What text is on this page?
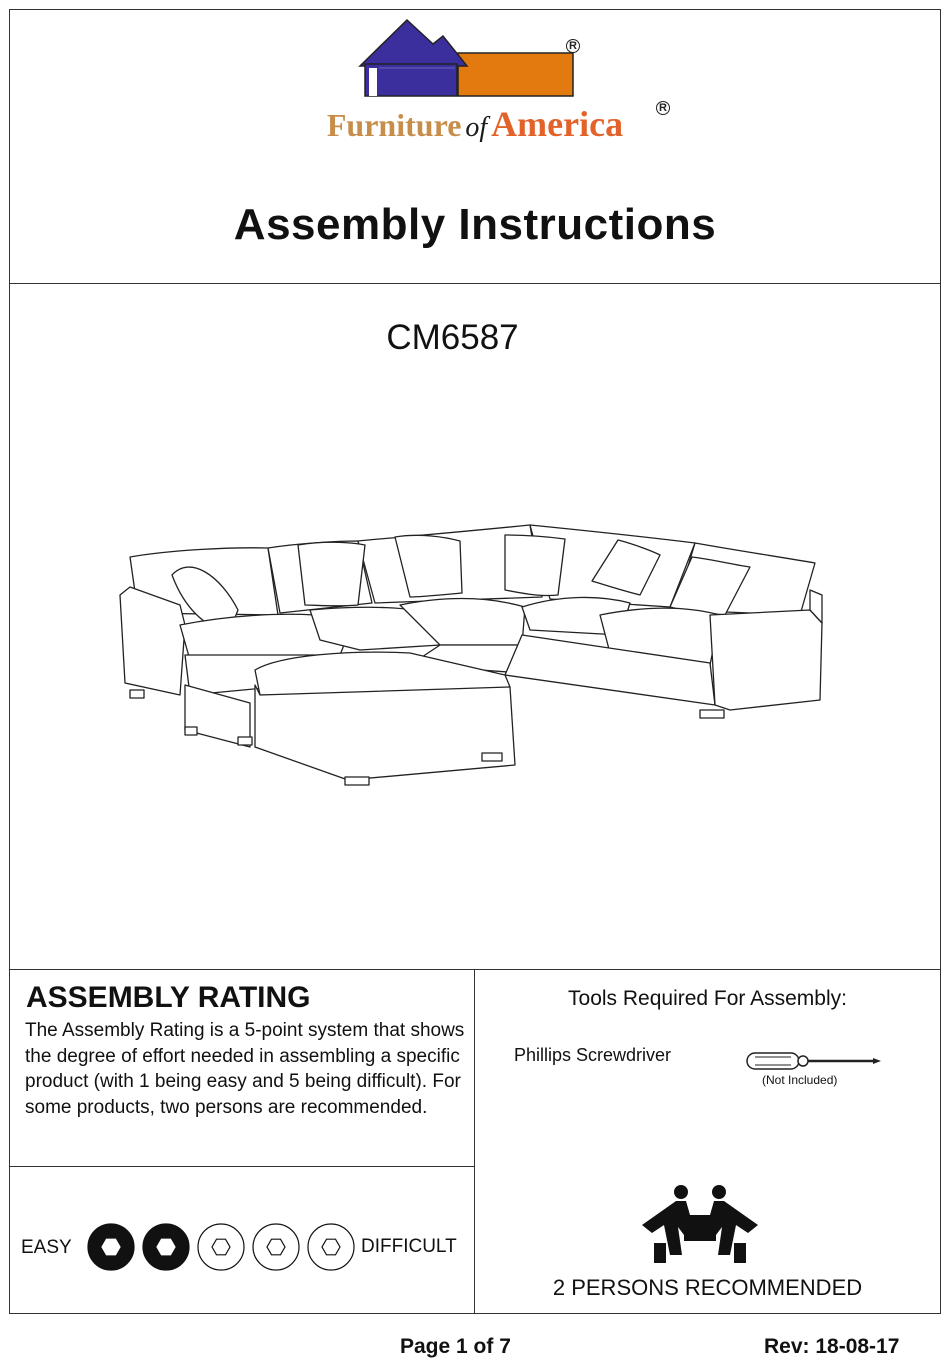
R
Furniture of America	R
Assembly Instructions
CM6587
ASSEMBLY RATING
The Assembly Rating is a 5-point system that shows the degree of effort needed in assembling a specific product (with 1 being easy and 5 being difficult). For some products, two persons are recommended.
EASY	DIFFICULT
Tools Required For Assembly:
Phillips Screwdriver
(Not Included)
2 PERSONS RECOMMENDED
Page 1 of 7	Rev: 18-08-17
